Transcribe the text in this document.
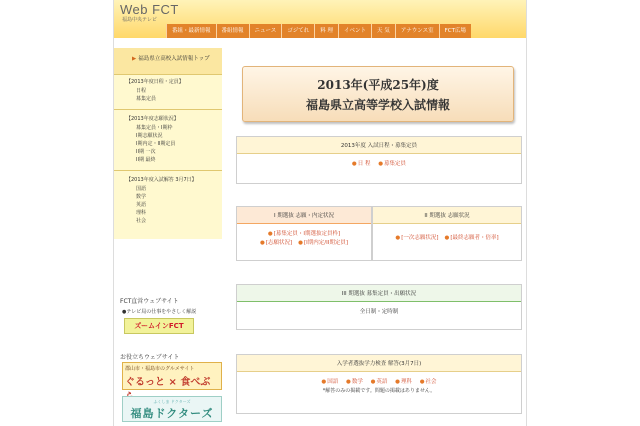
Web FCT
福島中央テレビ
番組・最新情報	番組情報	ニュース	ゴジてれ	料 理	イベント	天 気	アナウンス室	FCT広場
▶ 福島県立高校入試情報トップ
【2013年度日程・定員】
日程
募集定員
【2013年度志願状況】
募集定員・I期枠
I期志願状況
I期内定・II期定員
II期 一次
II期 最終
【2013年度入試解答 3月7日】
国語
数学
英語
理科
社会
FCT直営ウェブサイト
●テレビ局の仕事をやさしく解説
ズームインFCT
お役立ちウェブサイト
郡山市・福島市のグルメサイト
ぐるっと × 食べぶ
ふくしま ドクターズ
福島ドクターズ
2013年(平成25年)度
福島県立高等学校入試情報
2013年度 入試日程・募集定員
●日 程 ●募集定員
I 期選抜 志願・内定状況
●[募集定員・I期選抜定員枠]
●[志願状況] ●[I期内定/II期定員]
II 期選抜 志願状況
●[一次志願状況] ●[最終志願者・倍率]
III 期選抜 募集定員・出願状況
全日制・定時制
入学者選抜学力検査 解答(3月7日)
●国語 ●数学 ●英語 ●理科 ●社会
*解答のみの掲載です。問題の掲載はありません。
